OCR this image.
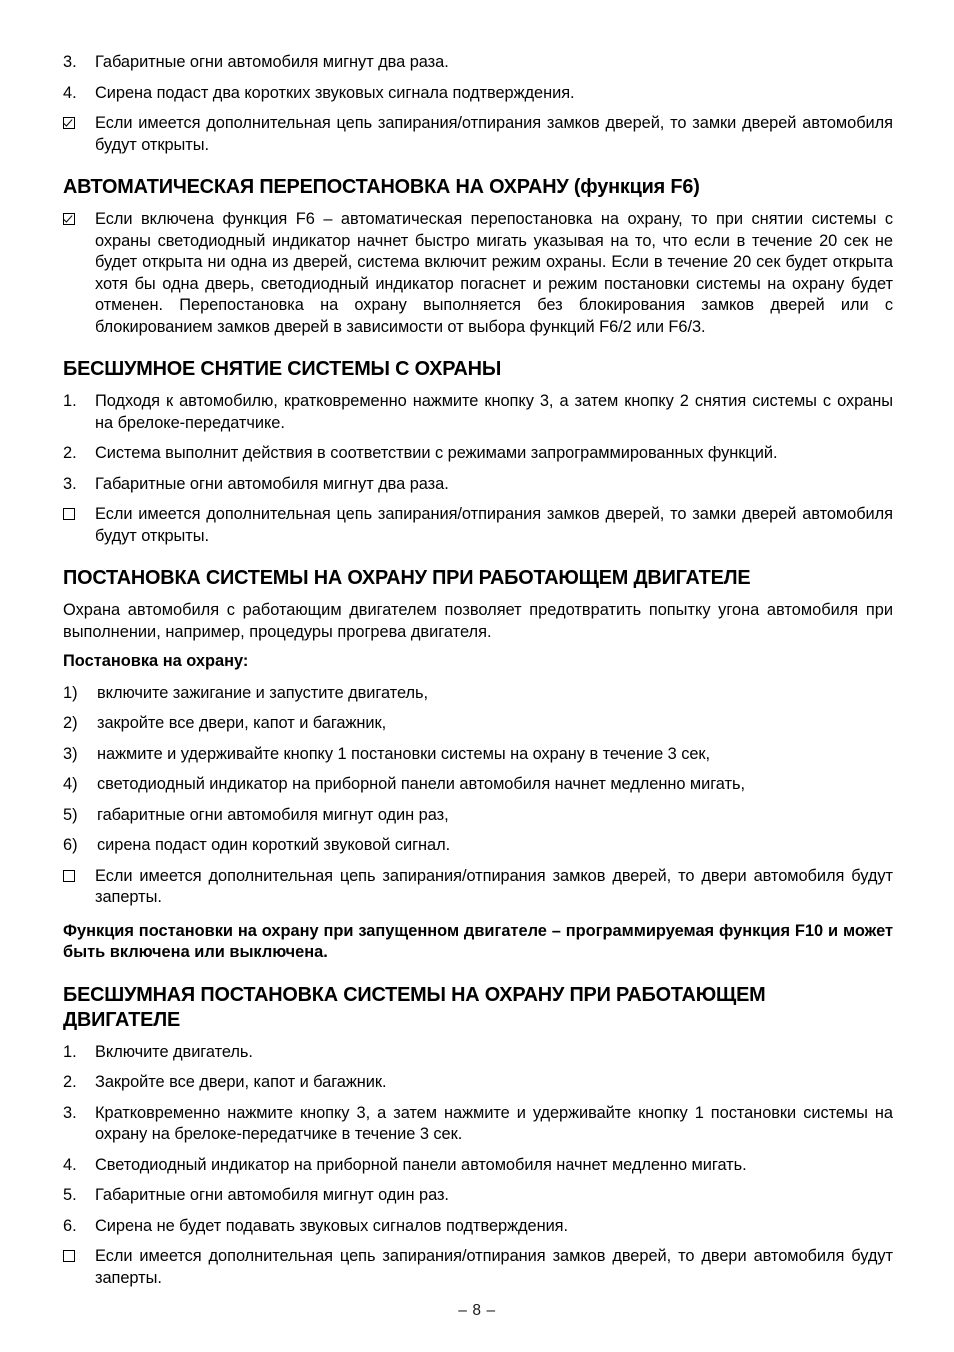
3.	Габаритные огни автомобиля мигнут два раза.
4.	Сирена подаст два коротких звуковых сигнала подтверждения.
Если имеется дополнительная цепь запирания/отпирания замков дверей, то замки дверей автомобиля будут открыты.
АВТОМАТИЧЕСКАЯ ПЕРЕПОСТАНОВКА НА ОХРАНУ (функция F6)
Если включена функция F6 – автоматическая перепостановка на охрану, то при снятии системы с охраны светодиодный индикатор начнет быстро мигать указывая на то, что если в течение 20 сек не будет открыта ни одна из дверей, система включит режим охраны. Если в течение 20 сек будет открыта хотя бы одна дверь, светодиодный индикатор погаснет и режим постановки системы на охрану будет отменен. Перепостановка на охрану выполняется без блокирования замков дверей или с блокированием замков дверей в зависимости от выбора функций F6/2 или F6/3.
БЕСШУМНОЕ СНЯТИЕ СИСТЕМЫ С ОХРАНЫ
1.	Подходя к автомобилю, кратковременно нажмите кнопку 3, а затем кнопку 2 снятия системы с охраны на брелоке-передатчике.
2.	Система выполнит действия в соответствии с режимами запрограммированных функций.
3.	Габаритные огни автомобиля мигнут два раза.
Если имеется дополнительная цепь запирания/отпирания замков дверей, то замки дверей автомобиля будут открыты.
ПОСТАНОВКА СИСТЕМЫ НА ОХРАНУ ПРИ РАБОТАЮЩЕМ ДВИГАТЕЛЕ

Охрана автомобиля с работающим двигателем позволяет предотвратить попытку угона автомобиля при выполнении, например, процедуры прогрева двигателя.

Постановка на охрану:
1)	включите зажигание и запустите двигатель,
2)	закройте все двери, капот и багажник,
3)	нажмите и удерживайте кнопку 1 постановки системы на охрану в течение 3 сек,
4)	светодиодный индикатор на приборной панели автомобиля начнет медленно мигать,
5)	габаритные огни автомобиля мигнут один раз,
6)	сирена подаст один короткий звуковой сигнал.
Если имеется дополнительная цепь запирания/отпирания замков дверей, то двери автомобиля будут заперты.

Функция постановки на охрану при запущенном двигателе – программируемая функция F10 и может быть включена или выключена.

БЕСШУМНАЯ ПОСТАНОВКА СИСТЕМЫ НА ОХРАНУ ПРИ РАБОТАЮЩЕМ ДВИГАТЕЛЕ
1.	Включите двигатель.
2.	Закройте все двери, капот и багажник.
3.	Кратковременно нажмите кнопку 3, а затем нажмите и удерживайте кнопку 1 постановки системы на охрану на брелоке-передатчике в течение 3 сек.
4.	Светодиодный индикатор на приборной панели автомобиля начнет медленно мигать.
5.	Габаритные огни автомобиля мигнут один раз.
6.	Сирена не будет подавать звуковых сигналов подтверждения.
Если имеется дополнительная цепь запирания/отпирания замков дверей, то двери автомобиля будут заперты.
– 8 –
